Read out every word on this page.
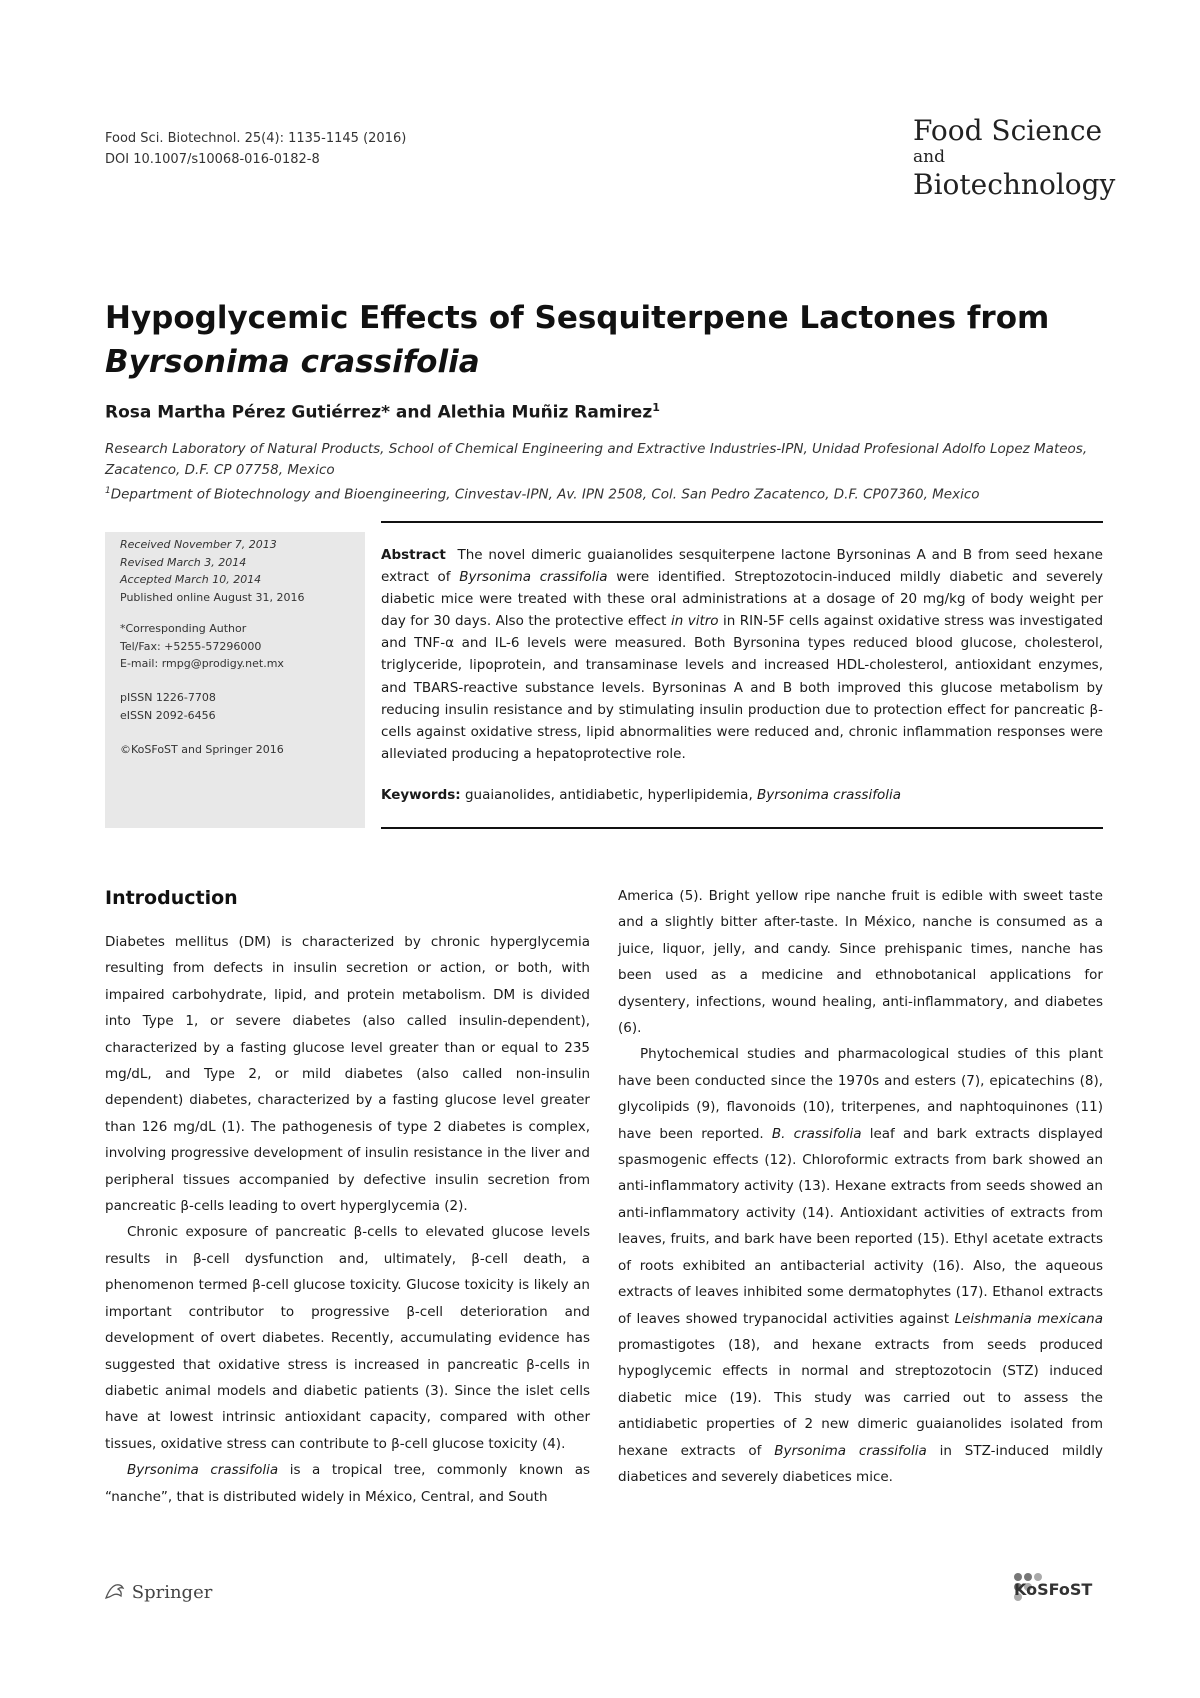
Food Sci. Biotechnol. 25(4): 1135-1145 (2016)
DOI 10.1007/s10068-016-0182-8
Food Science
and
Biotechnology
Hypoglycemic Effects of Sesquiterpene Lactones from
Byrsonima crassifolia
Rosa Martha Pérez Gutiérrez* and Alethia Muñiz Ramirez$^1$

Research Laboratory of Natural Products, School of Chemical Engineering and Extractive Industries-IPN, Unidad Profesional Adolfo Lopez Mateos, Zacatenco, D.F. CP 07758, Mexico

$^1$Department of Biotechnology and Bioengineering, Cinvestav-IPN, Av. IPN 2508, Col. San Pedro Zacatenco, D.F. CP07360, Mexico

Received November 7, 2013
Revised March 3, 2014
Accepted March 10, 2014
Published online August 31, 2016
*Corresponding Author
Tel/Fax: +5255-57296000
E-mail: rmpg@prodigy.net.mx
pISSN 1226-7708
eISSN 2092-6456
©KoSFoST and Springer 2016

Abstract The novel dimeric guaianolides sesquiterpene lactone Byrsoninas A and B from seed hexane extract of Byrsonima crassifolia were identified. Streptozotocin-induced mildly diabetic and severely diabetic mice were treated with these oral administrations at a dosage of 20 mg/kg of body weight per day for 30 days. Also the protective effect in vitro in RIN-5F cells against oxidative stress was investigated and TNF-α and IL-6 levels were measured. Both Byrsonina types reduced blood glucose, cholesterol, triglyceride, lipoprotein, and transaminase levels and increased HDL-cholesterol, antioxidant enzymes, and TBARS-reactive substance levels. Byrsoninas A and B both improved this glucose metabolism by reducing insulin resistance and by stimulating insulin production due to protection effect for pancreatic β-cells against oxidative stress, lipid abnormalities were reduced and, chronic inflammation responses were alleviated producing a hepatoprotective role.

Keywords: guaianolides, antidiabetic, hyperlipidemia, Byrsonima crassifolia
Introduction

Diabetes mellitus (DM) is characterized by chronic hyperglycemia resulting from defects in insulin secretion or action, or both, with impaired carbohydrate, lipid, and protein metabolism. DM is divided into Type 1, or severe diabetes (also called insulin-dependent), characterized by a fasting glucose level greater than or equal to 235 mg/dL, and Type 2, or mild diabetes (also called non-insulin dependent) diabetes, characterized by a fasting glucose level greater than 126 mg/dL (1). The pathogenesis of type 2 diabetes is complex, involving progressive development of insulin resistance in the liver and peripheral tissues accompanied by defective insulin secretion from pancreatic β-cells leading to overt hyperglycemia (2).

Chronic exposure of pancreatic β-cells to elevated glucose levels results in β-cell dysfunction and, ultimately, β-cell death, a phenomenon termed β-cell glucose toxicity. Glucose toxicity is likely an important contributor to progressive β-cell deterioration and development of overt diabetes. Recently, accumulating evidence has suggested that oxidative stress is increased in pancreatic β-cells in diabetic animal models and diabetic patients (3). Since the islet cells have at lowest intrinsic antioxidant capacity, compared with other tissues, oxidative stress can contribute to β-cell glucose toxicity (4).

Byrsonima crassifolia is a tropical tree, commonly known as “nanche”, that is distributed widely in México, Central, and South

America (5). Bright yellow ripe nanche fruit is edible with sweet taste and a slightly bitter after-taste. In México, nanche is consumed as a juice, liquor, jelly, and candy. Since prehispanic times, nanche has been used as a medicine and ethnobotanical applications for dysentery, infections, wound healing, anti-inflammatory, and diabetes (6).

Phytochemical studies and pharmacological studies of this plant have been conducted since the 1970s and esters (7), epicatechins (8), glycolipids (9), flavonoids (10), triterpenes, and naphtoquinones (11) have been reported. B. crassifolia leaf and bark extracts displayed spasmogenic effects (12). Chloroformic extracts from bark showed an anti-inflammatory activity (13). Hexane extracts from seeds showed an anti-inflammatory activity (14). Antioxidant activities of extracts from leaves, fruits, and bark have been reported (15). Ethyl acetate extracts of roots exhibited an antibacterial activity (16). Also, the aqueous extracts of leaves inhibited some dermatophytes (17). Ethanol extracts of leaves showed trypanocidal activities against Leishmania mexicana promastigotes (18), and hexane extracts from seeds produced hypoglycemic effects in normal and streptozotocin (STZ) induced diabetic mice (19). This study was carried out to assess the antidiabetic properties of 2 new dimeric guaianolides isolated from hexane extracts of Byrsonima crassifolia in STZ-induced mildly diabetices and severely diabetices mice.

Springer	KoSFoST
